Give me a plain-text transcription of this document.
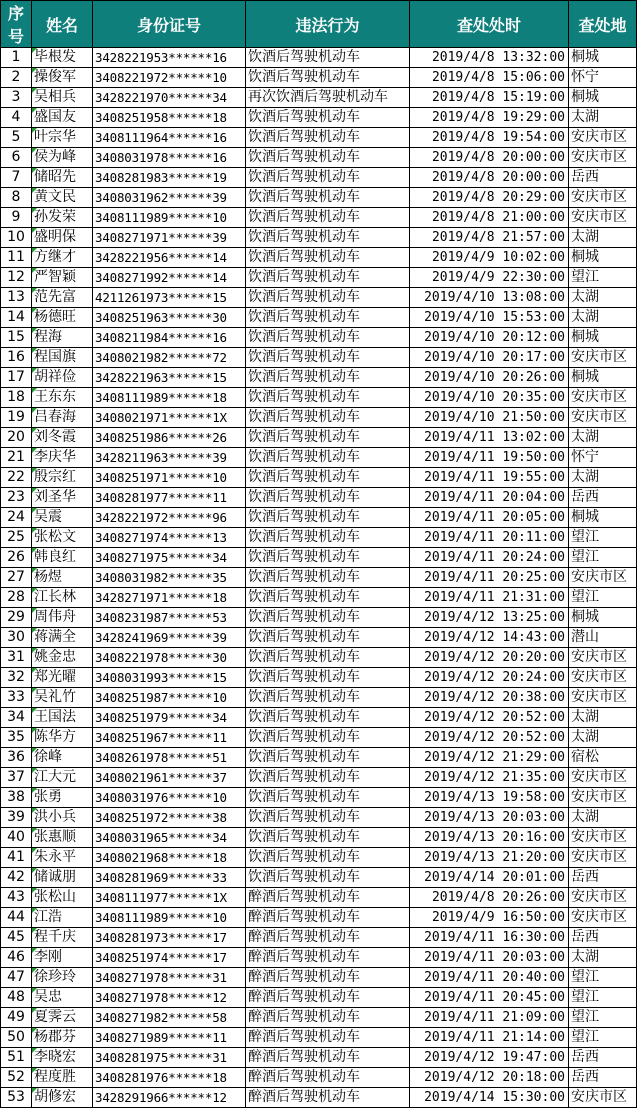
序号	姓名	身份证号	违法行为	查处处时	查处地
1	毕根发	3428221953******16	饮酒后驾驶机动车	2019/4/8 13:32:00	桐城
2	操俊军	3408221972******10	饮酒后驾驶机动车	2019/4/8 15:06:00	怀宁
3	吴相兵	3428221970******34	再次饮酒后驾驶机动车	2019/4/8 15:19:00	桐城
4	盛国友	3408251958******18	饮酒后驾驶机动车	2019/4/8 19:29:00	太湖
5	叶宗华	3408111964******16	饮酒后驾驶机动车	2019/4/8 19:54:00	安庆市区
6	侯为峰	3408031978******16	饮酒后驾驶机动车	2019/4/8 20:00:00	安庆市区
7	储昭先	3408281983******19	饮酒后驾驶机动车	2019/4/8 20:00:00	岳西
8	黄文民	3408031962******39	饮酒后驾驶机动车	2019/4/8 20:29:00	安庆市区
9	孙发荣	3408111989******10	饮酒后驾驶机动车	2019/4/8 21:00:00	安庆市区
10	盛明保	3408271971******39	饮酒后驾驶机动车	2019/4/8 21:57:00	太湖
11	方继才	3428221956******14	饮酒后驾驶机动车	2019/4/9 10:02:00	桐城
12	严智颖	3408271992******14	饮酒后驾驶机动车	2019/4/9 22:30:00	望江
13	范先富	4211261973******15	饮酒后驾驶机动车	2019/4/10 13:08:00	太湖
14	杨德旺	3408251963******30	饮酒后驾驶机动车	2019/4/10 15:53:00	太湖
15	程海	3408211984******16	饮酒后驾驶机动车	2019/4/10 20:12:00	桐城
16	程国旗	3408021982******72	饮酒后驾驶机动车	2019/4/10 20:17:00	安庆市区
17	胡祥俭	3428221963******15	饮酒后驾驶机动车	2019/4/10 20:26:00	桐城
18	王东东	3408111989******18	饮酒后驾驶机动车	2019/4/10 20:35:00	安庆市区
19	吕春海	3408021971******1X	饮酒后驾驶机动车	2019/4/10 21:50:00	安庆市区
20	刘冬霞	3408251986******26	饮酒后驾驶机动车	2019/4/11 13:02:00	太湖
21	李庆华	3428211963******39	饮酒后驾驶机动车	2019/4/11 19:50:00	怀宁
22	殷宗红	3408251971******10	饮酒后驾驶机动车	2019/4/11 19:55:00	太湖
23	刘圣华	3408281977******11	饮酒后驾驶机动车	2019/4/11 20:04:00	岳西
24	吴震	3428221972******96	饮酒后驾驶机动车	2019/4/11 20:05:00	桐城
25	张松文	3408271974******13	饮酒后驾驶机动车	2019/4/11 20:11:00	望江
26	韩良红	3408271975******34	饮酒后驾驶机动车	2019/4/11 20:24:00	望江
27	杨煜	3408031982******35	饮酒后驾驶机动车	2019/4/11 20:25:00	安庆市区
28	江长林	3428271971******18	饮酒后驾驶机动车	2019/4/11 21:31:00	望江
29	周伟舟	3408231987******53	饮酒后驾驶机动车	2019/4/12 13:25:00	桐城
30	蒋满全	3428241969******39	饮酒后驾驶机动车	2019/4/12 14:43:00	潜山
31	姚金忠	3408221978******30	饮酒后驾驶机动车	2019/4/12 20:20:00	安庆市区
32	郑光曜	3408031993******15	饮酒后驾驶机动车	2019/4/12 20:24:00	安庆市区
33	吴礼竹	3408251987******10	饮酒后驾驶机动车	2019/4/12 20:38:00	安庆市区
34	王国法	3408251979******34	饮酒后驾驶机动车	2019/4/12 20:52:00	太湖
35	陈华方	3408251967******11	饮酒后驾驶机动车	2019/4/12 20:52:00	太湖
36	徐峰	3408261978******51	饮酒后驾驶机动车	2019/4/12 21:29:00	宿松
37	江大元	3408021961******37	饮酒后驾驶机动车	2019/4/12 21:35:00	安庆市区
38	张勇	3408031976******10	饮酒后驾驶机动车	2019/4/13 19:58:00	安庆市区
39	洪小兵	3408251972******38	饮酒后驾驶机动车	2019/4/13 20:03:00	太湖
40	张惠顺	3408031965******34	饮酒后驾驶机动车	2019/4/13 20:16:00	安庆市区
41	朱永平	3408021968******18	饮酒后驾驶机动车	2019/4/13 21:20:00	安庆市区
42	储诚朋	3408281969******33	饮酒后驾驶机动车	2019/4/14 20:01:00	岳西
43	张松山	3408111977******1X	醉酒后驾驶机动车	2019/4/8 20:26:00	安庆市区
44	江浩	3408111989******10	醉酒后驾驶机动车	2019/4/9 16:50:00	安庆市区
45	程千庆	3408281973******17	醉酒后驾驶机动车	2019/4/11 16:30:00	岳西
46	李刚	3408251974******17	醉酒后驾驶机动车	2019/4/11 20:03:00	太湖
47	徐珍玲	3408271978******31	醉酒后驾驶机动车	2019/4/11 20:40:00	望江
48	吴忠	3408271978******12	醉酒后驾驶机动车	2019/4/11 20:45:00	望江
49	夏霁云	3408271982******58	醉酒后驾驶机动车	2019/4/11 21:09:00	望江
50	杨郡芬	3408271989******11	醉酒后驾驶机动车	2019/4/11 21:14:00	望江
51	李晓宏	3408281975******31	醉酒后驾驶机动车	2019/4/12 19:47:00	岳西
52	程度胜	3408281976******18	醉酒后驾驶机动车	2019/4/12 20:18:00	岳西
53	胡修宏	3428291966******12	醉酒后驾驶机动车	2019/4/14 15:30:00	安庆市区
